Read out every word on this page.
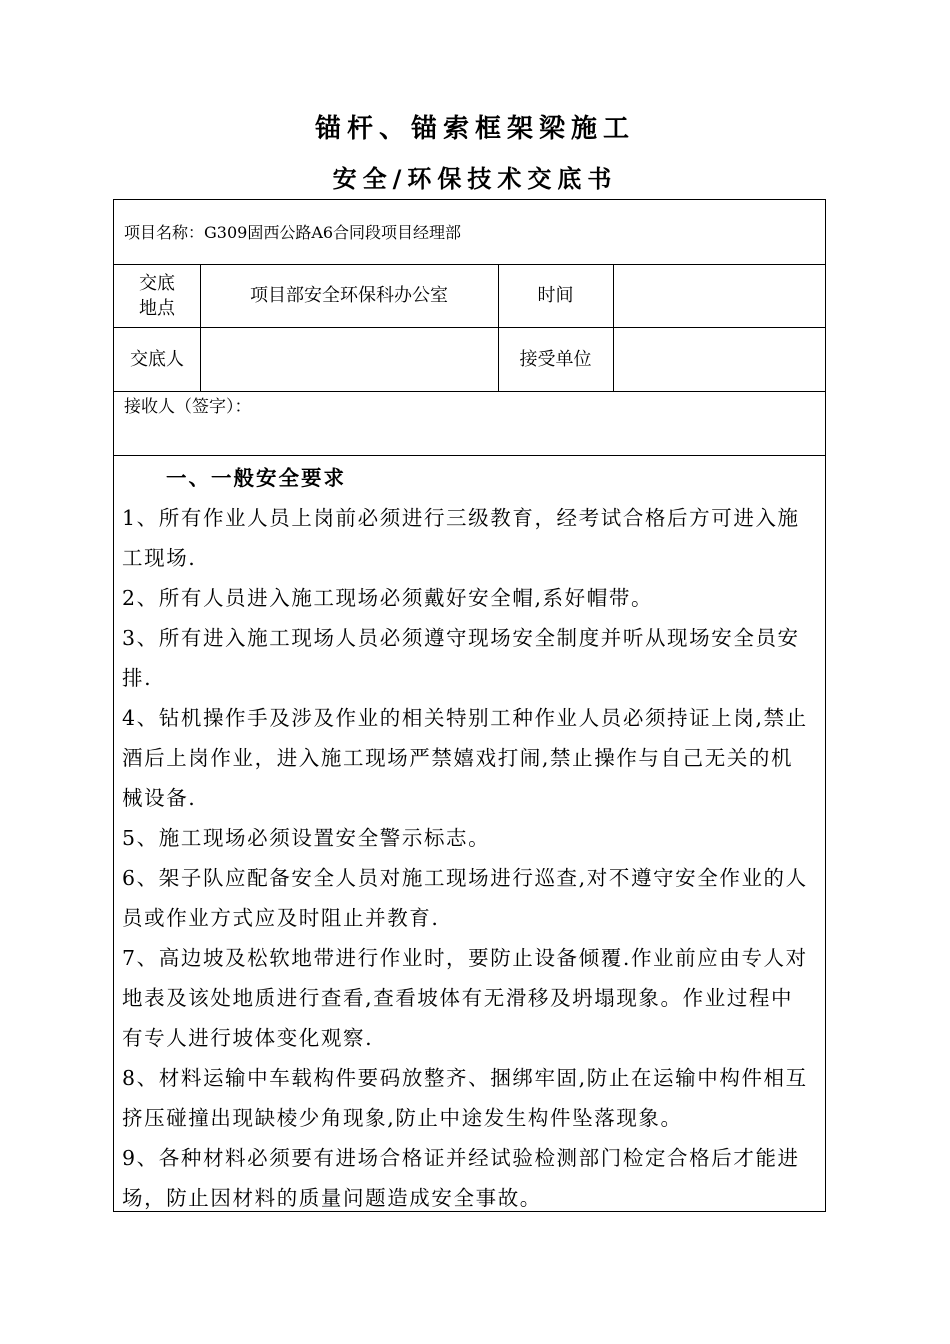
锚杆、锚索框架梁施工
安全/环保技术交底书
项目名称：G309固西公路A6合同段项目经理部
交底
地点
项目部安全环保科办公室	时间
交底人	接受单位
接收人（签字）：
一、一般安全要求

1、所有作业人员上岗前必须进行三级教育，经考试合格后方可进入施工现场.

2、所有人员进入施工现场必须戴好安全帽,系好帽带。

3、所有进入施工现场人员必须遵守现场安全制度并听从现场安全员安排.

4、钻机操作手及涉及作业的相关特别工种作业人员必须持证上岗,禁止酒后上岗作业，进入施工现场严禁嬉戏打闹,禁止操作与自己无关的机械设备.

5、施工现场必须设置安全警示标志。

6、架子队应配备安全人员对施工现场进行巡查,对不遵守安全作业的人员或作业方式应及时阻止并教育.

7、高边坡及松软地带进行作业时，要防止设备倾覆.作业前应由专人对地表及该处地质进行查看,查看坡体有无滑移及坍塌现象。作业过程中有专人进行坡体变化观察.

8、材料运输中车载构件要码放整齐、捆绑牢固,防止在运输中构件相互挤压碰撞出现缺棱少角现象,防止中途发生构件坠落现象。

9、各种材料必须要有进场合格证并经试验检测部门检定合格后才能进场，防止因材料的质量问题造成安全事故。
